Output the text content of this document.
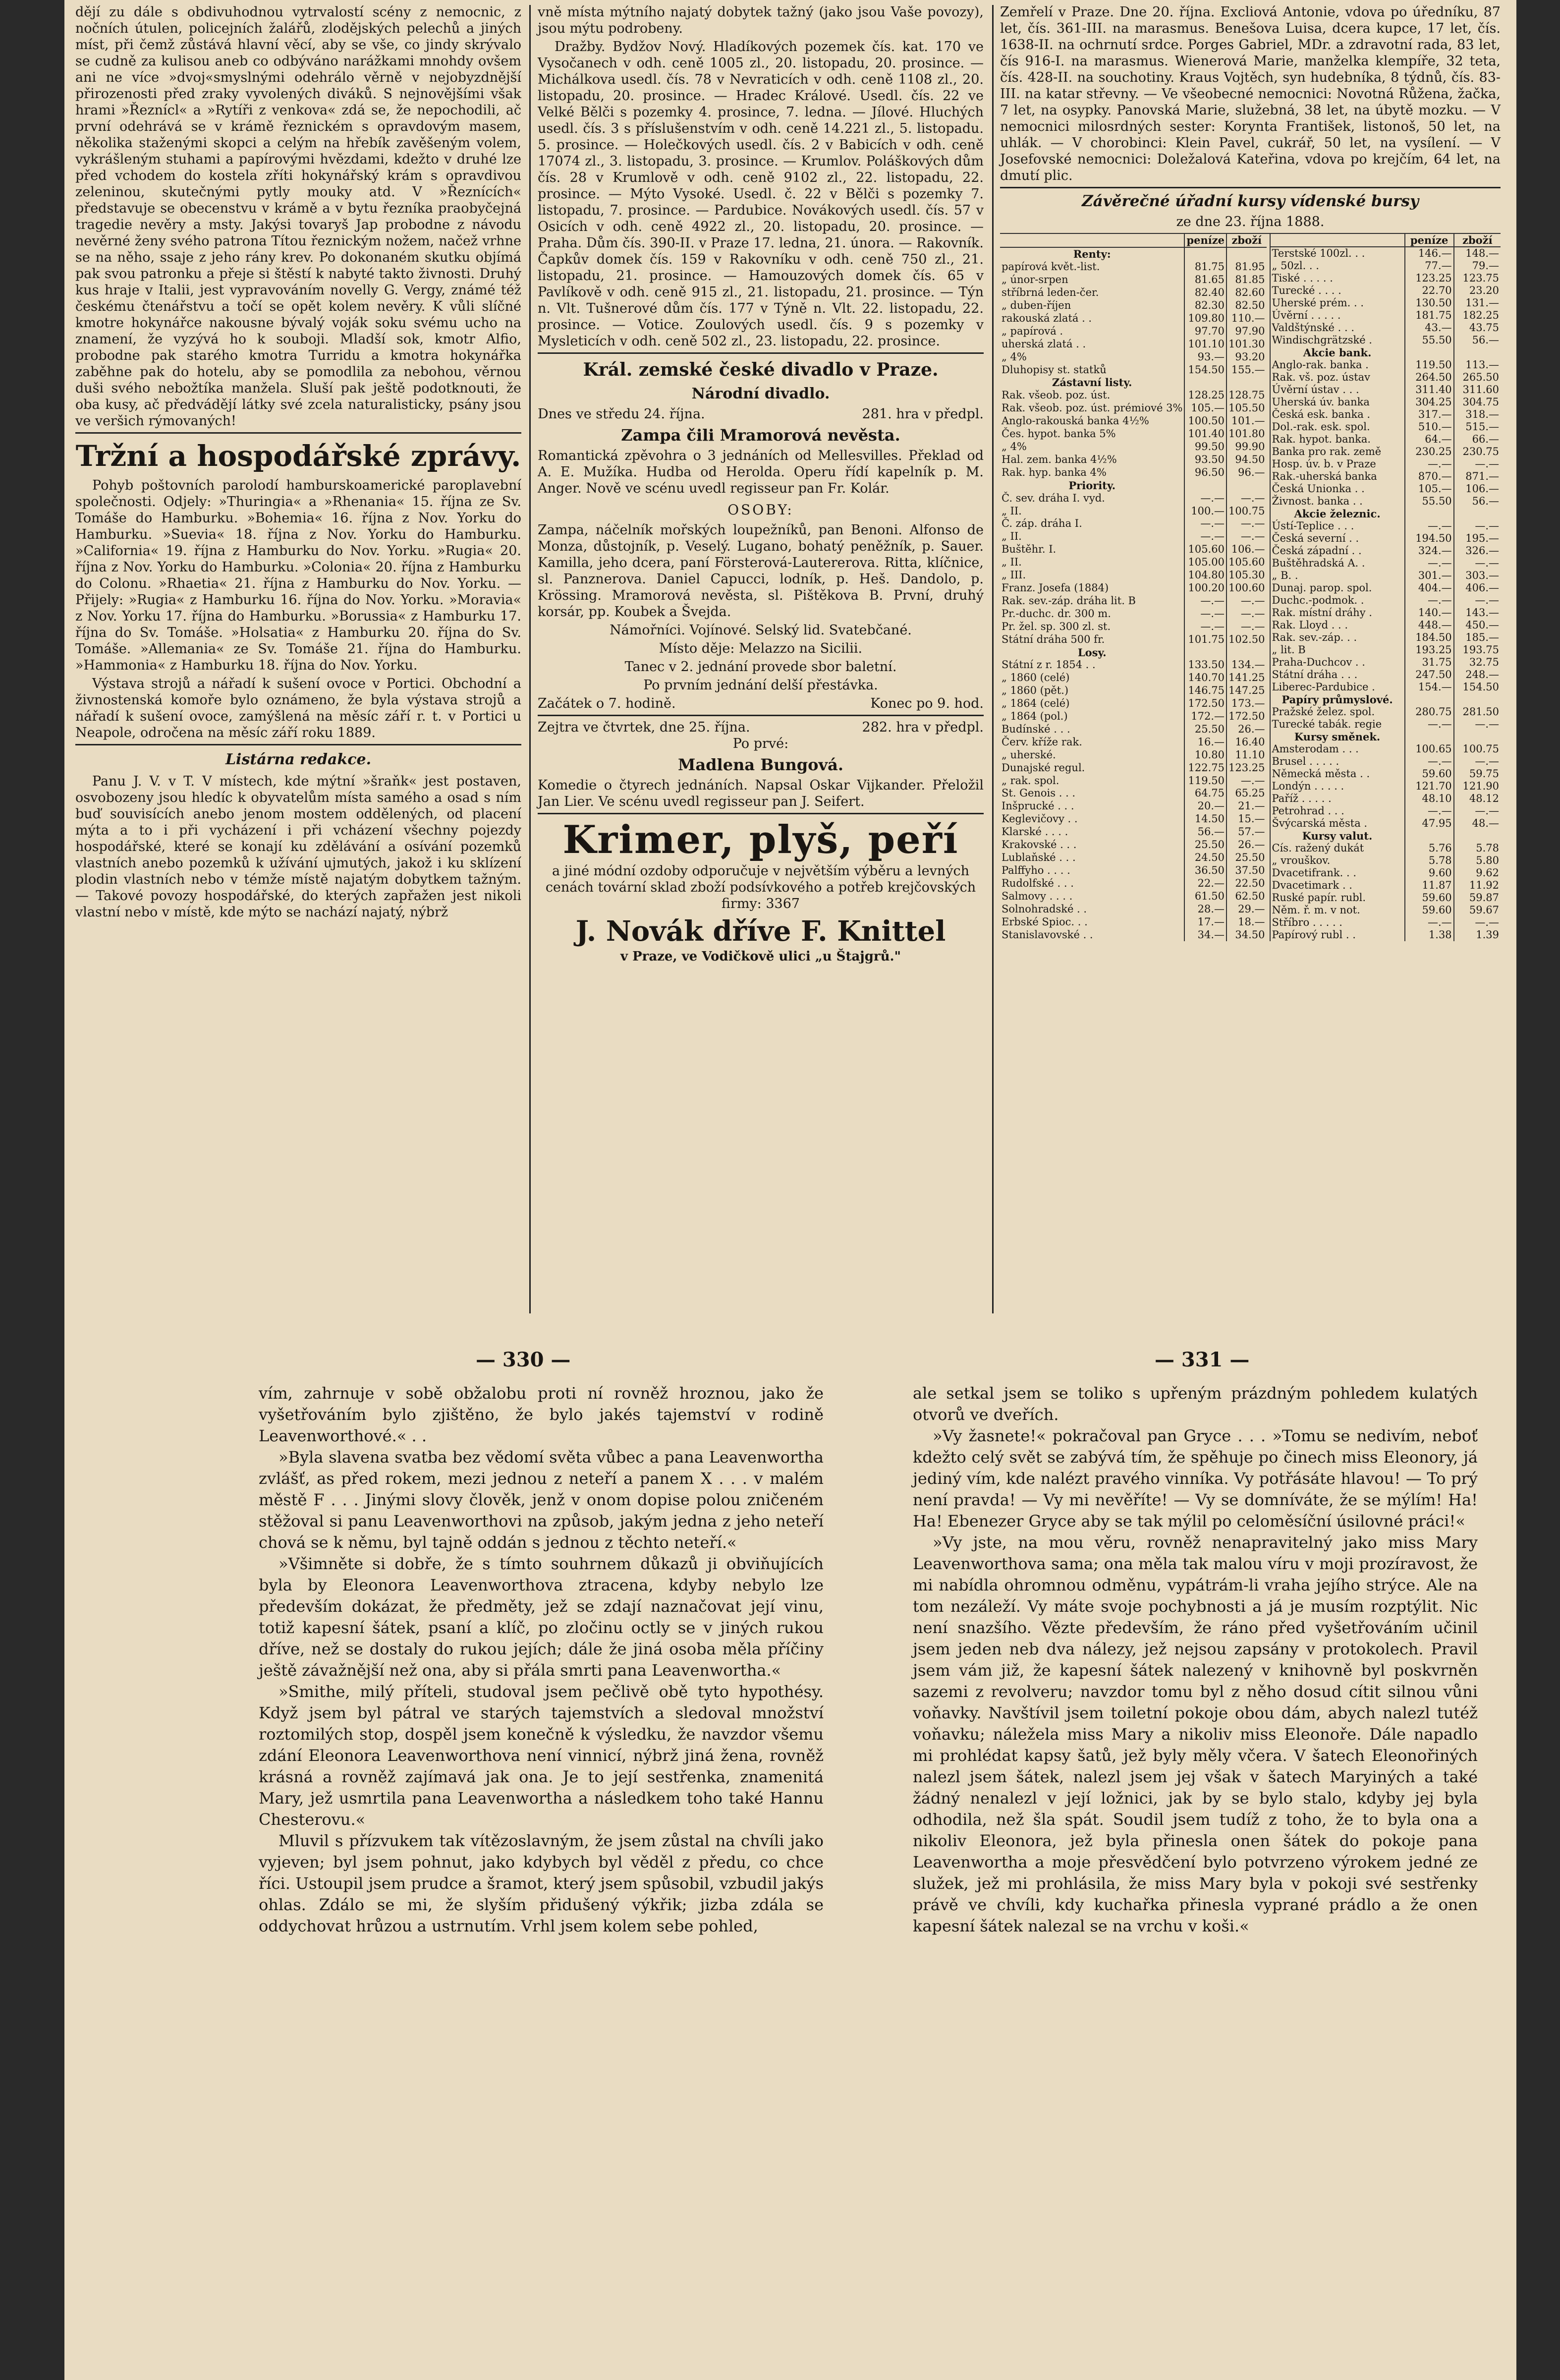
dějí zu dále s obdivuhodnou vytrvalostí scény z nemocnic, z nočních útulen, policejních žalářů, zlodějských pelechů a jiných míst, při čemž zůstává hlavní věcí, aby se vše, co jindy skrývalo se cudně za kulisou aneb co odbýváno narážkami mnohdy ovšem ani ne více »dvoj«smyslnými odehrálo věrně v nejobyzdnější přirozenosti před zraky vyvolených diváků. S nejnovějšími však hrami »Řeznícl« a »Rytíři z venkova« zdá se, že nepochodili, ač první odehrává se v krámě řeznickém s opravdovým masem, několika staženými skopci a celým na hřebík zavěšeným volem, vykrášleným stuhami a papírovými hvězdami, kdežto v druhé lze před vchodem do kostela zříti hokynářský krám s opravdivou zeleninou, skutečnými pytly mouky atd. V »Řeznících« představuje se obecenstvu v krámě a v bytu řezníka praobyčejná tragedie nevěry a msty. Jakýsi tovaryš Jap probodne z návodu nevěrné ženy svého patrona Títou řeznickým nožem, načež vrhne se na něho, ssaje z jeho rány krev. Po dokonaném skutku objímá pak svou patronku a přeje si štěstí k nabyté takto živnosti. Druhý kus hraje v Italii, jest vypravováním novelly G. Vergy, známé též českému čtenářstvu a točí se opět kolem nevěry. K vůli slíčné kmotre hokynářce nakousne bývalý voják soku svému ucho na znamení, že vyzývá ho k souboji. Mladší sok, kmotr Alfio, probodne pak starého kmotra Turridu a kmotra hokynářka zaběhne pak do hotelu, aby se pomodlila za nebohou, věrnou duši svého nebožtíka manžela. Sluší pak ještě podotknouti, že oba kusy, ač předvádějí látky své zcela naturalisticky, psány jsou ve veršich rýmovaných!

Tržní a hospodářské zprávy.

Pohyb poštovních parolodí hamburskoamerické paroplavební společnosti. Odjely: »Thuringia« a »Rhenania« 15. října ze Sv. Tomáše do Hamburku. »Bohemia« 16. října z Nov. Yorku do Hamburku. »Suevia« 18. října z Nov. Yorku do Hamburku. »California« 19. října z Hamburku do Nov. Yorku. »Rugia« 20. října z Nov. Yorku do Hamburku. »Colonia« 20. října z Hamburku do Colonu. »Rhaetia« 21. října z Hamburku do Nov. Yorku. — Přijely: »Rugia« z Hamburku 16. října do Nov. Yorku. »Moravia« z Nov. Yorku 17. října do Hamburku. »Borussia« z Hamburku 17. října do Sv. Tomáše. »Holsatia« z Hamburku 20. října do Sv. Tomáše. »Allemania« ze Sv. Tomáše 21. října do Hamburku. »Hammonia« z Hamburku 18. října do Nov. Yorku.

Výstava strojů a nářadí k sušení ovoce v Portici. Obchodní a živnostenská komoře bylo oznámeno, že byla výstava strojů a nářadí k sušení ovoce, zamýšlená na měsíc září r. t. v Portici u Neapole, odročena na měsíc září roku 1889.

Listárna redakce.

Panu J. V. v T. V místech, kde mýtní »šraňk« jest postaven, osvobozeny jsou hledíc k obyvatelům místa samého a osad s ním buď souvisících anebo jenom mostem oddělených, od placení mýta a to i při vycházení i při vcházení všechny pojezdy hospodářské, které se konají ku zdělávání a osívání pozemků vlastních anebo pozemků k užívání ujmutých, jakož i ku sklízení plodin vlastních nebo v témže místě najatým dobytkem tažným. — Takové povozy hospodářské, do kterých zapřažen jest nikoli vlastní nebo v místě, kde mýto se nachází najatý, nýbrž

vně místa mýtního najatý dobytek tažný (jako jsou Vaše povozy), jsou mýtu podrobeny.

Dražby. Bydžov Nový. Hladíkových pozemek čís. kat. 170 ve Vysočanech v odh. ceně 1005 zl., 20. listopadu, 20. prosince. — Michálkova usedl. čís. 78 v Nevraticích v odh. ceně 1108 zl., 20. listopadu, 20. prosince. — Hradec Králové. Usedl. čís. 22 ve Velké Bělči s pozemky 4. prosince, 7. ledna. — Jílové. Hluchých usedl. čís. 3 s příslušenstvím v odh. ceně 14.221 zl., 5. listopadu. 5. prosince. — Holečkových usedl. čís. 2 v Babicích v odh. ceně 17074 zl., 3. listopadu, 3. prosince. — Krumlov. Poláškových dům čís. 28 v Krumlově v odh. ceně 9102 zl., 22. listopadu, 22. prosince. — Mýto Vysoké. Usedl. č. 22 v Bělči s pozemky 7. listopadu, 7. prosince. — Pardubice. Novákových usedl. čís. 57 v Osicích v odh. ceně 4922 zl., 20. listopadu, 20. prosince. — Praha. Dům čís. 390-II. v Praze 17. ledna, 21. února. — Rakovník. Čapkův domek čís. 159 v Rakovníku v odh. ceně 750 zl., 21. listopadu, 21. prosince. — Hamouzových domek čís. 65 v Pavlíkově v odh. ceně 915 zl., 21. listopadu, 21. prosince. — Týn n. Vlt. Tušnerové dům čís. 177 v Týně n. Vlt. 22. listopadu, 22. prosince. — Votice. Zoulových usedl. čís. 9 s pozemky v Mysleticích v odh. ceně 502 zl., 23. listopadu, 22. prosince.

Král. zemské české divadlo v Praze.
Národní divadlo.
Dnes ve středu 24. října.	281. hra v předpl.
Zampa čili Mramorová nevěsta.

Romantická zpěvohra o 3 jednáních od Mellesvilles. Překlad od A. E. Mužíka. Hudba od Herolda. Operu řídí kapelník p. M. Anger. Nově ve scénu uvedl regisseur pan Fr. Kolár.

OSOBY:

Zampa, náčelník mořských loupežníků, pan Benoni. Alfonso de Monza, důstojník, p. Veselý. Lugano, bohatý peněžník, p. Sauer. Kamilla, jeho dcera, paní Försterová-Lautererova. Ritta, klíčnice, sl. Panznerova. Daniel Capucci, lodník, p. Heš. Dandolo, p. Krössing. Mramorová nevěsta, sl. Pištěkova B. První, druhý korsár, pp. Koubek a Švejda.

Námořníci. Vojínové. Selský lid. Svatebčané.

Místo děje: Melazzo na Sicilii.

Tanec v 2. jednání provede sbor baletní.

Po prvním jednání delší přestávka.

Začátek o 7. hodině.	Konec po 9. hod.
Zejtra ve čtvrtek, dne 25. října.	282. hra v předpl.

Po prvé:

Madlena Bungová.

Komedie o čtyrech jednáních. Napsal Oskar Vijkander. Přeložil Jan Lier. Ve scénu uvedl regisseur pan J. Seifert.

Krimer, plyš, peří

a jiné módní ozdoby odporučuje v největším výběru a levných cenách tovární sklad zboží podsívkového a potřeb krejčovských firmy: 3367

J. Novák dříve F. Knittel
v Praze, ve Vodičkově ulici „u Štajgrů."

Zemřelí v Praze. Dne 20. října. Excliová Antonie, vdova po úředníku, 87 let, čís. 361-III. na marasmus. Benešova Luisa, dcera kupce, 17 let, čís. 1638-II. na ochrnutí srdce. Porges Gabriel, MDr. a zdravotní rada, 83 let, čís 916-I. na marasmus. Wienerová Marie, manželka klempíře, 32 teta, čís. 428-II. na souchotiny. Kraus Vojtěch, syn hudebníka, 8 týdnů, čís. 83-III. na katar střevny. — Ve všeobecné nemocnici: Novotná Růžena, žačka, 7 let, na osypky. Panovská Marie, služebná, 38 let, na úbytě mozku. — V nemocnici milosrdných sester: Korynta František, listonoš, 50 let, na uhlák. — V chorobinci: Klein Pavel, cukrář, 50 let, na vysílení. — V Josefovské nemocnici: Doležalová Kateřina, vdova po krejčím, 64 let, na dmutí plic.

Závěrečné úřadní kursy vídenské bursy
ze dne 23. října 1888.
	peníze	zboží
Renty:		
papírová květ.-list.	81.75	81.95
„ únor-srpen	81.65	81.85
stříbrná leden-čer.	82.40	82.60
„ duben-říjen	82.30	82.50
rakouská zlatá . .	109.80	110.—
„ papírová .	97.70	97.90
uherská zlatá . .	101.10	101.30
„ 4%	93.—	93.20
Dluhopisy st. statků	154.50	155.—
Zástavní listy.		
Rak. všeob. poz. úst.	128.25	128.75
Rak. všeob. poz. úst. prémiové 3%	105.—	105.50
Anglo-rakouská banka 4½%	100.50	101.—
Čes. hypot. banka 5%	101.40	101.80
„ 4%	99.50	99.90
Hal. zem. banka 4½%	93.50	94.50
Rak. hyp. banka 4%	96.50	96.—
Priority.		
Č. sev. dráha I. vyd.	—.—	—.—
„ II.	100.—	100.75
Č. záp. dráha I.	—.—	—.—
„ II.	—.—	—.—
Buštěhr. I.	105.60	106.—
„ II.	105.00	105.60
„ III.	104.80	105.30
Franz. Josefa (1884)	100.20	100.60
Rak. sev.-záp. dráha lit. B	—.—	—.—
Pr.-duchc. dr. 300 m.	—.—	—.—
Pr. žel. sp. 300 zl. st.	—.—	—.—
Státní dráha 500 fr.	101.75	102.50
Losy.		
Státní z r. 1854 . .	133.50	134.—
„ 1860 (celé)	140.70	141.25
„ 1860 (pět.)	146.75	147.25
„ 1864 (celé)	172.50	173.—
„ 1864 (pol.)	172.—	172.50
Budínské . . .	25.50	26.—
Červ. kříže rak.	16.—	16.40
„ uherské.	10.80	11.10
Dunajské regul.	122.75	123.25
„ rak. spol.	119.50	—.—
St. Genois . . .	64.75	65.25
Inšprucké . . .	20.—	21.—
Keglevičovy . .	14.50	15.—
Klarské . . . .	56.—	57.—
Krakovské . . .	25.50	26.—
Lublaňské . . .	24.50	25.50
Palffyho . . . .	36.50	37.50
Rudolfské . . .	22.—	22.50
Salmovy . . . .	61.50	62.50
Solnohradské . .	28.—	29.—
Erbské Spioc. . .	17.—	18.—
Stanislavovské . .	34.—	34.50
	peníze	zboží
Terstské 100zl. . .	146.—	148.—
„ 50zl. . .	77.—	79.—
Tiské . . . . .	123.25	123.75
Turecké . . . .	22.70	23.20
Uherské prém. . .	130.50	131.—
Úvěrní . . . . .	181.75	182.25
Valdštýnské . . .	43.—	43.75
Windischgrätzské .	55.50	56.—
Akcie bank.		
Anglo-rak. banka .	119.50	113.—
Rak. vš. poz. ústav	264.50	265.50
Úvěrní ústav . . .	311.40	311.60
Uherská úv. banka	304.25	304.75
Česká esk. banka .	317.—	318.—
Dol.-rak. esk. spol.	510.—	515.—
Rak. hypot. banka.	64.—	66.—
Banka pro rak. země	230.25	230.75
Hosp. úv. b. v Praze	—.—	—.—
Rak.-uherská banka	870.—	871.—
Česká Unionka . .	105.—	106.—
Živnost. banka . .	55.50	56.—
Akcie železnic.		
Ústí-Teplice . . .	—.—	—.—
Česká severní . .	194.50	195.—
Česká západní . .	324.—	326.—
Buštěhradská A. .	—.—	—.—
„ B. .	301.—	303.—
Dunaj. parop. spol.	404.—	406.—
Duchc.-podmok. .	—.—	—.—
Rak. místní dráhy .	140.—	143.—
Rak. Lloyd . . .	448.—	450.—
Rak. sev.-záp. . .	184.50	185.—
„ lit. B	193.25	193.75
Praha-Duchcov . .	31.75	32.75
Státní dráha . . .	247.50	248.—
Liberec-Pardubice .	154.—	154.50
Papíry průmyslové.		
Pražské želez. spol.	280.75	281.50
Turecké tabák. regie	—.—	—.—
Kursy směnek.		
Amsterodam . . .	100.65	100.75
Brusel . . . . .	—.—	—.—
Německá města . .	59.60	59.75
Londýn . . . . .	121.70	121.90
Paříž . . . . .	48.10	48.12
Petrohrad . . .	—.—	—.—
Švýcarská města .	47.95	48.—
Kursy valut.		
Cís. ražený dukát	5.76	5.78
„ vrouškov.	5.78	5.80
Dvacetifrank. . .	9.60	9.62
Dvacetimark . .	11.87	11.92
Ruské papír. rubl.	59.60	59.87
Něm. ř. m. v not.	59.60	59.67
Stříbro . . . . .	—.—	—.—
Papírový rubl . .	1.38	1.39
— 330 —	— 331 —

vím, zahrnuje v sobě obžalobu proti ní rovněž hroznou, jako že vyšetřováním bylo zjištěno, že bylo jakés tajemství v rodině Leavenworthové.« . .

»Byla slavena svatba bez vědomí světa vůbec a pana Leavenwortha zvlášť, as před rokem, mezi jednou z neteří a panem X . . . v malém městě F . . . Jinými slovy člověk, jenž v onom dopise polou zničeném stěžoval si panu Leavenworthovi na způsob, jakým jedna z jeho neteří chová se k němu, byl tajně oddán s jednou z těchto neteří.«

»Všimněte si dobře, že s tímto souhrnem důkazů ji obviňujících byla by Eleonora Leavenworthova ztracena, kdyby nebylo lze především dokázat, že předměty, jež se zdají naznačovat její vinu, totiž kapesní šátek, psaní a klíč, po zločinu octly se v jiných rukou dříve, než se dostaly do rukou jejích; dále že jiná osoba měla příčiny ještě závažnější než ona, aby si přála smrti pana Leavenwortha.«

»Smithe, milý příteli, studoval jsem pečlivě obě tyto hypothésy. Když jsem byl pátral ve starých tajemstvích a sledoval množství roztomilých stop, dospěl jsem konečně k výsledku, že navzdor všemu zdání Eleonora Leavenworthova není vinnicí, nýbrž jiná žena, rovněž krásná a rovněž zajímavá jak ona. Je to její sestřenka, znamenitá Mary, jež usmrtila pana Leavenwortha a následkem toho také Hannu Chesterovu.«

Mluvil s přízvukem tak vítězoslavným, že jsem zůstal na chvíli jako vyjeven; byl jsem pohnut, jako kdybych byl věděl z předu, co chce říci. Ustoupil jsem prudce a šramot, který jsem spůsobil, vzbudil jakýs ohlas. Zdálo se mi, že slyším přidušený výkřik; jizba zdála se oddychovat hrůzou a ustrnutím. Vrhl jsem kolem sebe pohled,

ale setkal jsem se toliko s upřeným prázdným pohledem kulatých otvorů ve dveřích.

»Vy žasnete!« pokračoval pan Gryce . . . »Tomu se nedivím, neboť kdežto celý svět se zabývá tím, že spěhuje po činech miss Eleonory, já jediný vím, kde nalézt pravého vinníka. Vy potřásáte hlavou! — To prý není pravda! — Vy mi nevěříte! — Vy se domníváte, že se mýlím! Ha! Ha! Ebenezer Gryce aby se tak mýlil po celoměsíční úsilovné práci!«

»Vy jste, na mou věru, rovněž nenapravitelný jako miss Mary Leavenworthova sama; ona měla tak malou víru v moji prozíravost, že mi nabídla ohromnou odměnu, vypátrám-li vraha jejího strýce. Ale na tom nezáleží. Vy máte svoje pochybnosti a já je musím rozptýlit. Nic není snazšího. Vězte především, že ráno před vyšetřováním učinil jsem jeden neb dva nálezy, jež nejsou zapsány v protokolech. Pravil jsem vám již, že kapesní šátek nalezený v knihovně byl poskvrněn sazemi z revolveru; navzdor tomu byl z něho dosud cítit silnou vůni voňavky. Navštívil jsem toiletní pokoje obou dám, abych nalezl tutéž voňavku; náležela miss Mary a nikoliv miss Eleonoře. Dále napadlo mi prohlédat kapsy šatů, jež byly měly včera. V šatech Eleonořiných nalezl jsem šátek, nalezl jsem jej však v šatech Maryiných a také žádný nenalezl v její ložnici, jak by se bylo stalo, kdyby jej byla odhodila, než šla spát. Soudil jsem tudíž z toho, že to byla ona a nikoliv Eleonora, jež byla přinesla onen šátek do pokoje pana Leavenwortha a moje přesvědčení bylo potvrzeno výrokem jedné ze služek, jež mi prohlásila, že miss Mary byla v pokoji své sestřenky právě ve chvíli, kdy kuchařka přinesla vyprané prádlo a že onen kapesní šátek nalezal se na vrchu v koši.«
